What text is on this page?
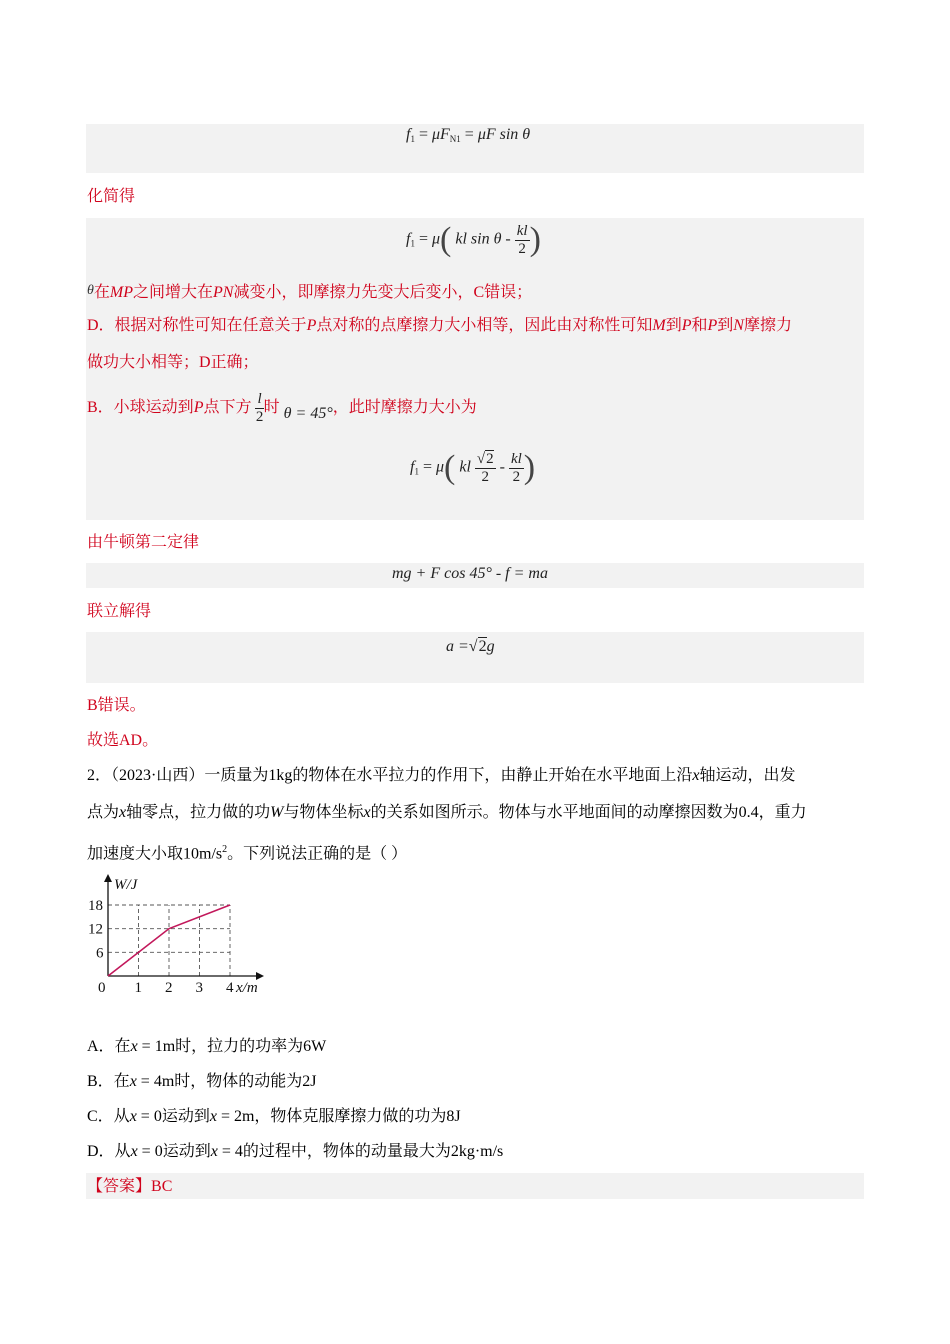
$f_1 = \mu F_{N1} = \mu F$ sin θ
化简得
$f_1 = \mu$( kl sin θ - $\frac{kl}{2}$ )
θ在MP之间增大在PN减变小，即摩擦力先变大后变小，C错误；
D．根据对称性可知在任意关于P点对称的点摩擦力大小相等，因此由对称性可知M到P和P到N摩擦力
做功大小相等；D正确；
B．小球运动到P点下方 $\frac{l}{2}$ 时 θ = 45°，此时摩擦力大小为
$f_1 = \mu$( kl $\frac{√2}{2} - \frac{kl}{2}$ )
由牛顿第二定律
mg + F cos 45° - f = ma
联立解得
a =√2g
B错误。
故选AD。
2．（2023·山西）一质量为1kg的物体在水平拉力的作用下，由静止开始在水平地面上沿x轴运动，出发
点为x轴零点，拉力做的功W与物体坐标x的关系如图所示。物体与水平地面间的动摩擦因数为0.4，重力
加速度大小取$10m/s^2$。下列说法正确的是（ ）
0 1 2 3 4
6
12
18
W/J
x/m
A．在x = 1m时，拉力的功率为6W
B．在x = 4m时，物体的动能为2J
C．从x = 0运动到x = 2m，物体克服摩擦力做的功为8J
D．从x = 0运动到x = 4的过程中，物体的动量最大为2kg·m/s
【答案】BC
